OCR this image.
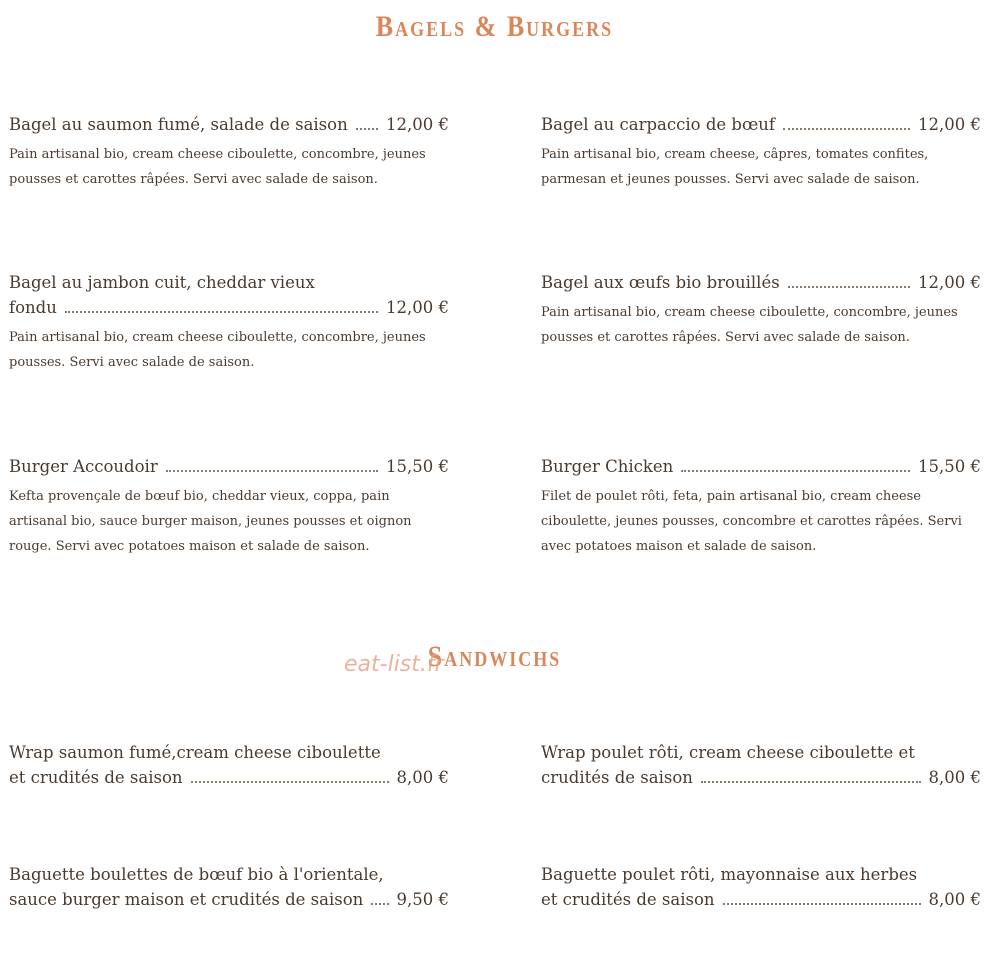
Bagels & Burgers
Bagel au saumon fumé, salade de saison 12,00 €
Pain artisanal bio, cream cheese ciboulette, concombre, jeunes pousses et carottes râpées. Servi avec salade de saison.
Bagel au carpaccio de bœuf	12,00 €
Pain artisanal bio, cream cheese, câpres, tomates confites, parmesan et jeunes pousses. Servi avec salade de saison.
Bagel au jambon cuit, cheddar vieux
fondu	12,00 €
Pain artisanal bio, cream cheese ciboulette, concombre, jeunes pousses. Servi avec salade de saison.
Bagel aux œufs bio brouillés	12,00 €
Pain artisanal bio, cream cheese ciboulette, concombre, jeunes pousses et carottes râpées. Servi avec salade de saison.
Burger Accoudoir	15,50 €
Kefta provençale de bœuf bio, cheddar vieux, coppa, pain artisanal bio, sauce burger maison, jeunes pousses et oignon rouge. Servi avec potatoes maison et salade de saison.
Burger Chicken	15,50 €
Filet de poulet rôti, feta, pain artisanal bio, cream cheese ciboulette, jeunes pousses, concombre et carottes râpées. Servi avec potatoes maison et salade de saison.
Sandwichs
eat-list.fr
Wrap saumon fumé,cream cheese ciboulette
et crudités de saison	8,00 €
Wrap poulet rôti, cream cheese ciboulette et
crudités de saison	8,00 €
Baguette boulettes de bœuf bio à l'orientale,
sauce burger maison et crudités de saison 9,50 €
Baguette poulet rôti, mayonnaise aux herbes
et crudités de saison	8,00 €
